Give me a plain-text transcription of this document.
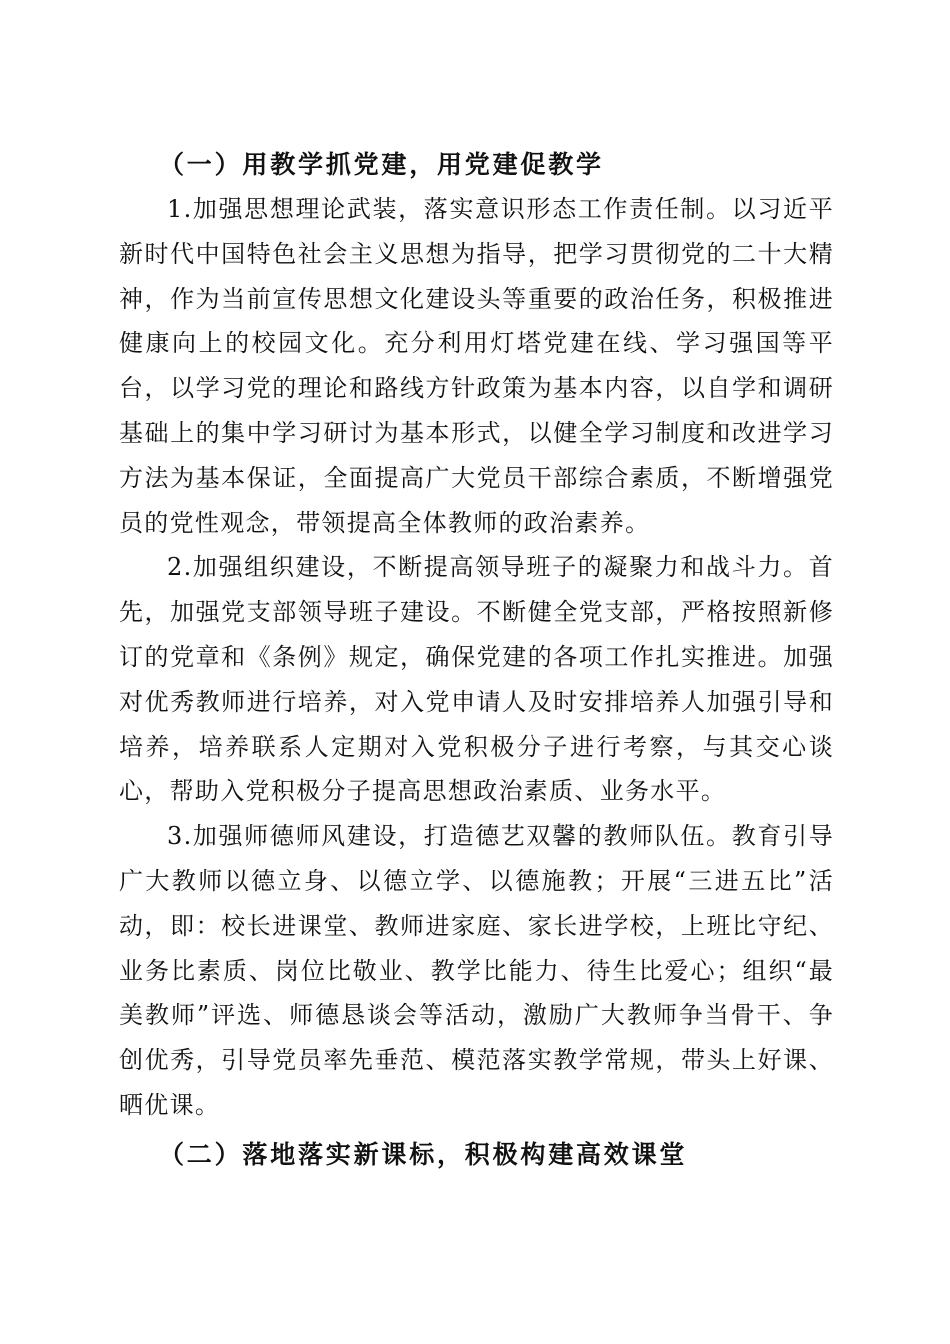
（一）用教学抓党建，用党建促教学

1.加强思想理论武装，落实意识形态工作责任制。以习近平新时代中国特色社会主义思想为指导，把学习贯彻党的二十大精神，作为当前宣传思想文化建设头等重要的政治任务，积极推进健康向上的校园文化。充分利用灯塔党建在线、学习强国等平台，以学习党的理论和路线方针政策为基本内容，以自学和调研基础上的集中学习研讨为基本形式，以健全学习制度和改进学习方法为基本保证，全面提高广大党员干部综合素质，不断增强党员的党性观念，带领提高全体教师的政治素养。

2.加强组织建设，不断提高领导班子的凝聚力和战斗力。首先，加强党支部领导班子建设。不断健全党支部，严格按照新修订的党章和《条例》规定，确保党建的各项工作扎实推进。加强对优秀教师进行培养，对入党申请人及时安排培养人加强引导和培养，培养联系人定期对入党积极分子进行考察，与其交心谈心，帮助入党积极分子提高思想政治素质、业务水平。

3.加强师德师风建设，打造德艺双馨的教师队伍。教育引导广大教师以德立身、以德立学、以德施教；开展“三进五比”活动，即：校长进课堂、教师进家庭、家长进学校，上班比守纪、业务比素质、岗位比敬业、教学比能力、待生比爱心；组织“最美教师”评选、师德恳谈会等活动，激励广大教师争当骨干、争创优秀，引导党员率先垂范、模范落实教学常规，带头上好课、晒优课。

（二）落地落实新课标，积极构建高效课堂
